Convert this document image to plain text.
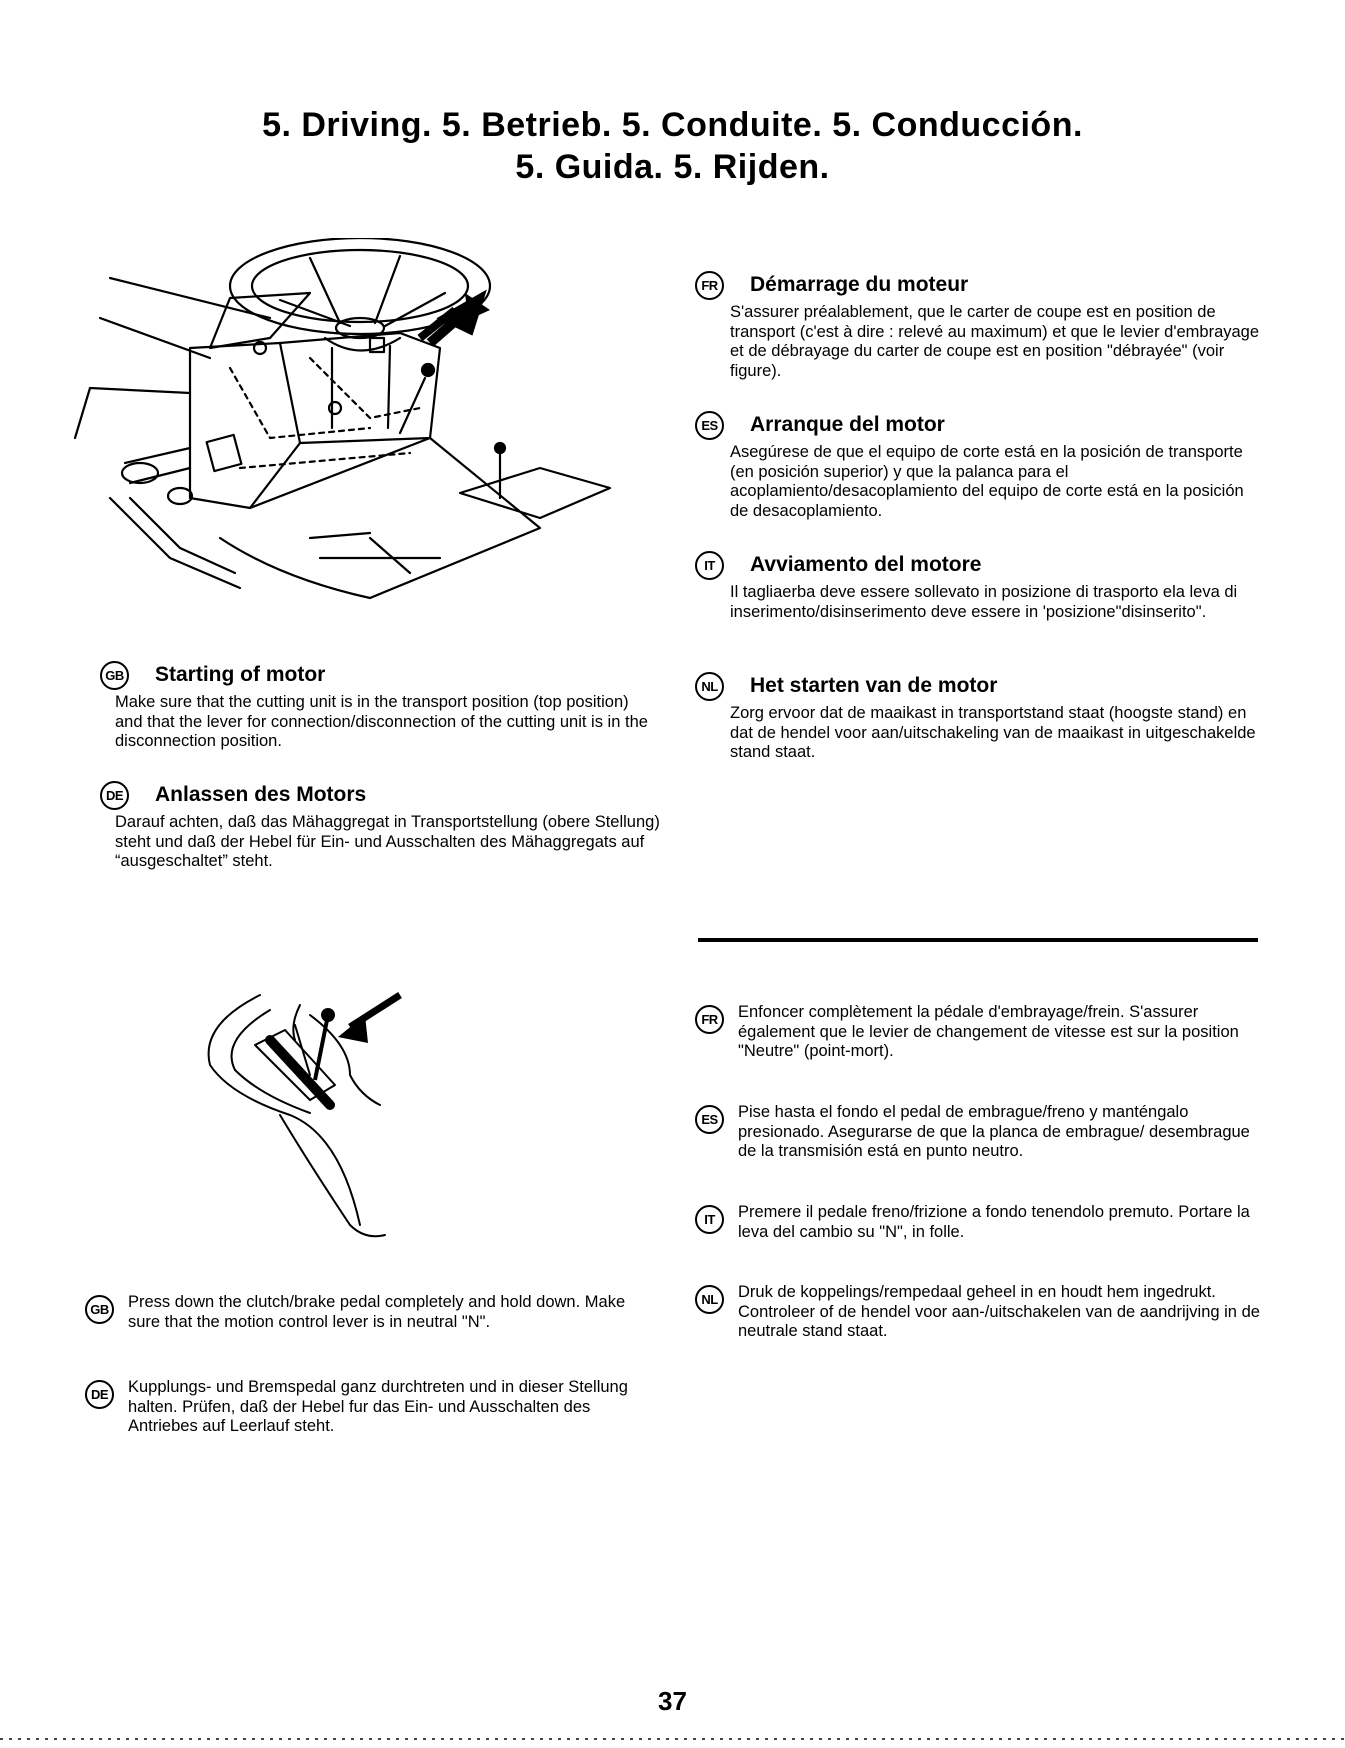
5. Driving. 5. Betrieb. 5. Conduite. 5. Conducción.
5. Guida. 5. Rijden.
GB Starting of motor

Make sure that the cutting unit is in the transport position (top position) and that the lever for connection/disconnection of the cutting unit is in the disconnection position.

DE Anlassen des Motors

Darauf achten, daß das Mähaggregat in Transportstellung (obere Stellung) steht und daß der Hebel für Ein- und Ausschalten des Mähaggregats auf “ausgeschaltet” steht.

FR	Démarrage du moteur

S'assurer préalablement, que le carter de coupe est en position de transport (c'est à dire : relevé au maximum) et que le levier d'embrayage et de débrayage du carter de coupe est en position "débrayée" (voir figure).

ES	Arranque del motor

Asegúrese de que el equipo de corte está en la posición de transporte (en posición superior) y que la palanca para el acoplamiento/desacoplamiento del equipo de corte está en la posición de desacoplamiento.

IT	Avviamento del motore

Il tagliaerba deve essere sollevato in posizione di trasporto ela leva di inserimento/disinserimento deve essere in 'posizione"disinserito".

NL	Het starten van de motor

Zorg ervoor dat de maaikast in transportstand staat (hoogste stand) en dat de hendel voor aan/uitschakeling van de maaikast in uitgeschakelde stand staat.

GB	Press down the clutch/brake pedal completely and hold down. Make sure that the motion control lever is in neutral "N".
DE	Kupplungs- und Bremspedal ganz durchtreten und in dieser Stellung halten. Prüfen, daß der Hebel fur das Ein- und Ausschalten des Antriebes auf Leerlauf steht.
FR	Enfoncer complètement la pédale d'embrayage/frein. S'assurer également que le levier de changement de vitesse est sur la position "Neutre" (point-mort).
ES	Pise hasta el fondo el pedal de embrague/freno y manténgalo presionado. Asegurarse de que la planca de embrague/ desembrague de la transmisión está en punto neutro.
IT	Premere il pedale freno/frizione a fondo tenendolo premuto. Portare la leva del cambio su "N", in folle.
NL	Druk de koppelings/rempedaal geheel in en houdt hem ingedrukt. Controleer of de hendel voor aan-/uitschakelen van de aandrijving in de neutrale stand staat.
37
